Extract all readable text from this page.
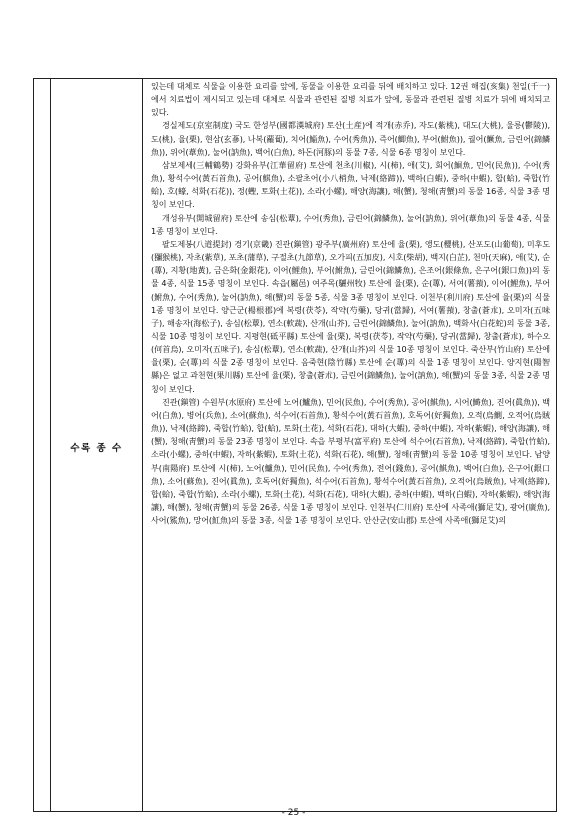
	수록 종 수	

있는데 대체로 식물을 이용한 요리를 앞에, 동물을 이용한 요리를 뒤에 배치하고 있다. 12권 해집(亥集) 천일(千一)에서 치료법이 제시되고 있는데 대체로 식물과 관련된 질병 치료가 앞에, 동물과 관련된 질병 치료가 뒤에 배치되고 있다.

경실제도(京室制度) 국도 한성부(國都漢城府) 토산(土産)에 적개(赤乔), 자도(紫桃), 대도(大桃), 울릉(鬱陵)), 도(桃), 율(栗), 현삼(玄蔘), 나복(蘿蔔), 치어(鯔魚), 수어(秀魚)), 즉어(鯽魚), 부어(鮒魚)), 궐어(鱖魚, 금린어(錦鱗魚)), 위어(葦魚), 눌어(訥魚), 백어(白魚), 하돈(河豚)의 동물 7종, 식물 6종 명칭이 보인다.

삼보제세(三輔鶴勢) 강화유부(江華留府) 토산에 천초(川椒), 시(柿), 애(艾), 회어(鮰魚, 민어(民魚)), 수어(秀魚), 황석수어(黃石首魚), 공어(鯕魚), 소팔초어(小八梢魚, 낙제(絡蹄)), 백하(白蝦), 중하(中蝦), 합(蛤), 죽합(竹蛤), 호(蠔, 석화(石花)), 정(蟶, 토화(土花)), 소라(小螺), 해양(海讓), 해(蟹), 청해(靑蟹)의 동물 16종, 식물 3종 명칭이 보인다.

개성유부(開城留府) 토산에 송심(松蕈), 수어(秀魚), 금린어(錦鱗魚), 눌어(訥魚), 위어(葦魚)의 동물 4종, 식물 1종 명칭이 보인다.

팔도제봉(八道提封) 경기(京畿) 진관(鎭管) 광주부(廣州府) 토산에 율(栗), 앵도(櫻桃), 산포도(山葡萄), 미후도(獼猴桃), 자초(紫草), 포초(蒲草), 구절초(九節草), 오가피(五加皮), 시호(柴胡), 백지(白芷), 천마(天麻), 애(艾), 순(蓴), 지황(地黃), 금은화(金銀花), 이어(鯉魚), 부어(鮒魚), 금린어(錦鱗魚), 은조어(銀條魚, 은구어(銀口魚))의 동물 4종, 식물 15종 명칭이 보인다. 속읍(屬邑) 여주목(驪州牧) 토산에 율(栗), 순(蓴), 서여(薯蕷), 이어(鯉魚), 부어(鮒魚), 수어(秀魚), 눌어(訥魚), 해(蟹)의 동물 5종, 식물 3종 명칭이 보인다. 이천부(利川府) 토산에 율(栗)의 식물 1종 명칭이 보인다. 양근군(楊根郡)에 복령(茯苓), 작약(芍藥), 당귀(當歸), 서여(薯蕷), 창출(蒼朮), 오미자(五味子), 해송자(海松子), 송심(松蕈), 연소(軟蔬), 산개(山芥), 금린어(錦鱗魚), 눌어(訥魚), 백화사(白花蛇)의 동물 3종, 식물 10종 명칭이 보인다. 지평현(砥平縣) 토산에 율(栗), 복령(茯苓), 작약(芍藥), 당귀(當歸), 창출(蒼朮), 하수오(何首烏), 오미자(五味子), 송심(松蕈), 연소(軟蔬), 산개(山芥)의 식물 10종 명칭이 보인다. 죽산부(竹山府) 토산에 율(栗), 순(蓴)의 식물 2종 명칭이 보인다. 음죽현(陰竹縣) 토산에 순(蓴)의 식물 1종 명칭이 보인다. 양지현(陽智縣)은 없고 과천현(果川縣) 토산에 율(栗), 창출(蒼朮), 금린어(錦鱗魚), 눌어(訥魚), 해(蟹)의 동물 3종, 식물 2종 명칭이 보인다.

진관(鎭管) 수원부(水原府) 토산에 노어(鱸魚), 민어(民魚), 수어(秀魚), 공어(鯕魚), 시어(鰣魚), 진어(眞魚)), 백어(白魚), 병어(兵魚), 소어(蘇魚), 석수어(石首魚), 황석수어(黃石首魚), 호독어(好獨魚), 오적(烏鰂, 오적어(烏賊魚)), 낙제(絡蹄), 죽합(竹蛤), 합(蛤), 토화(土花), 석화(石花), 대하(大蝦), 중하(中蝦), 자하(紫蝦), 해양(海讓), 해(蟹), 청해(靑蟹)의 동물 23종 명칭이 보인다. 속읍 부평부(富平府) 토산에 석수어(石首魚), 낙제(絡蹄), 죽합(竹蛤), 소라(小螺), 중하(中蝦), 자하(紫蝦), 토화(土花), 석화(石花), 해(蟹), 청해(靑蟹)의 동물 10종 명칭이 보인다. 남양부(南陽府) 토산에 시(柿), 노어(鱸魚), 민어(民魚), 수어(秀魚), 전어(錢魚), 공어(鯕魚), 백어(白魚), 은구어(銀口魚), 소어(蘇魚), 진어(眞魚), 호독어(好獨魚), 석수어(石首魚), 황석수어(黃石首魚), 오적어(烏賊魚), 낙제(絡蹄), 합(蛤), 죽합(竹蛤), 소라(小螺), 토화(土花), 석화(石花), 대하(大蝦), 중하(中蝦), 백하(白蝦), 자하(紫蝦), 해양(海讓), 해(蟹), 청해(靑蟹)의 동물 26종, 식물 1종 명칭이 보인다. 인천부(仁川府) 토산에 사족애(獅足艾), 광어(廣魚), 사어(鯊魚), 망어(魟魚)의 동물 3종, 식물 1종 명칭이 보인다. 안산군(安山郡) 토산에 사족애(獅足艾)의

- 25 -
